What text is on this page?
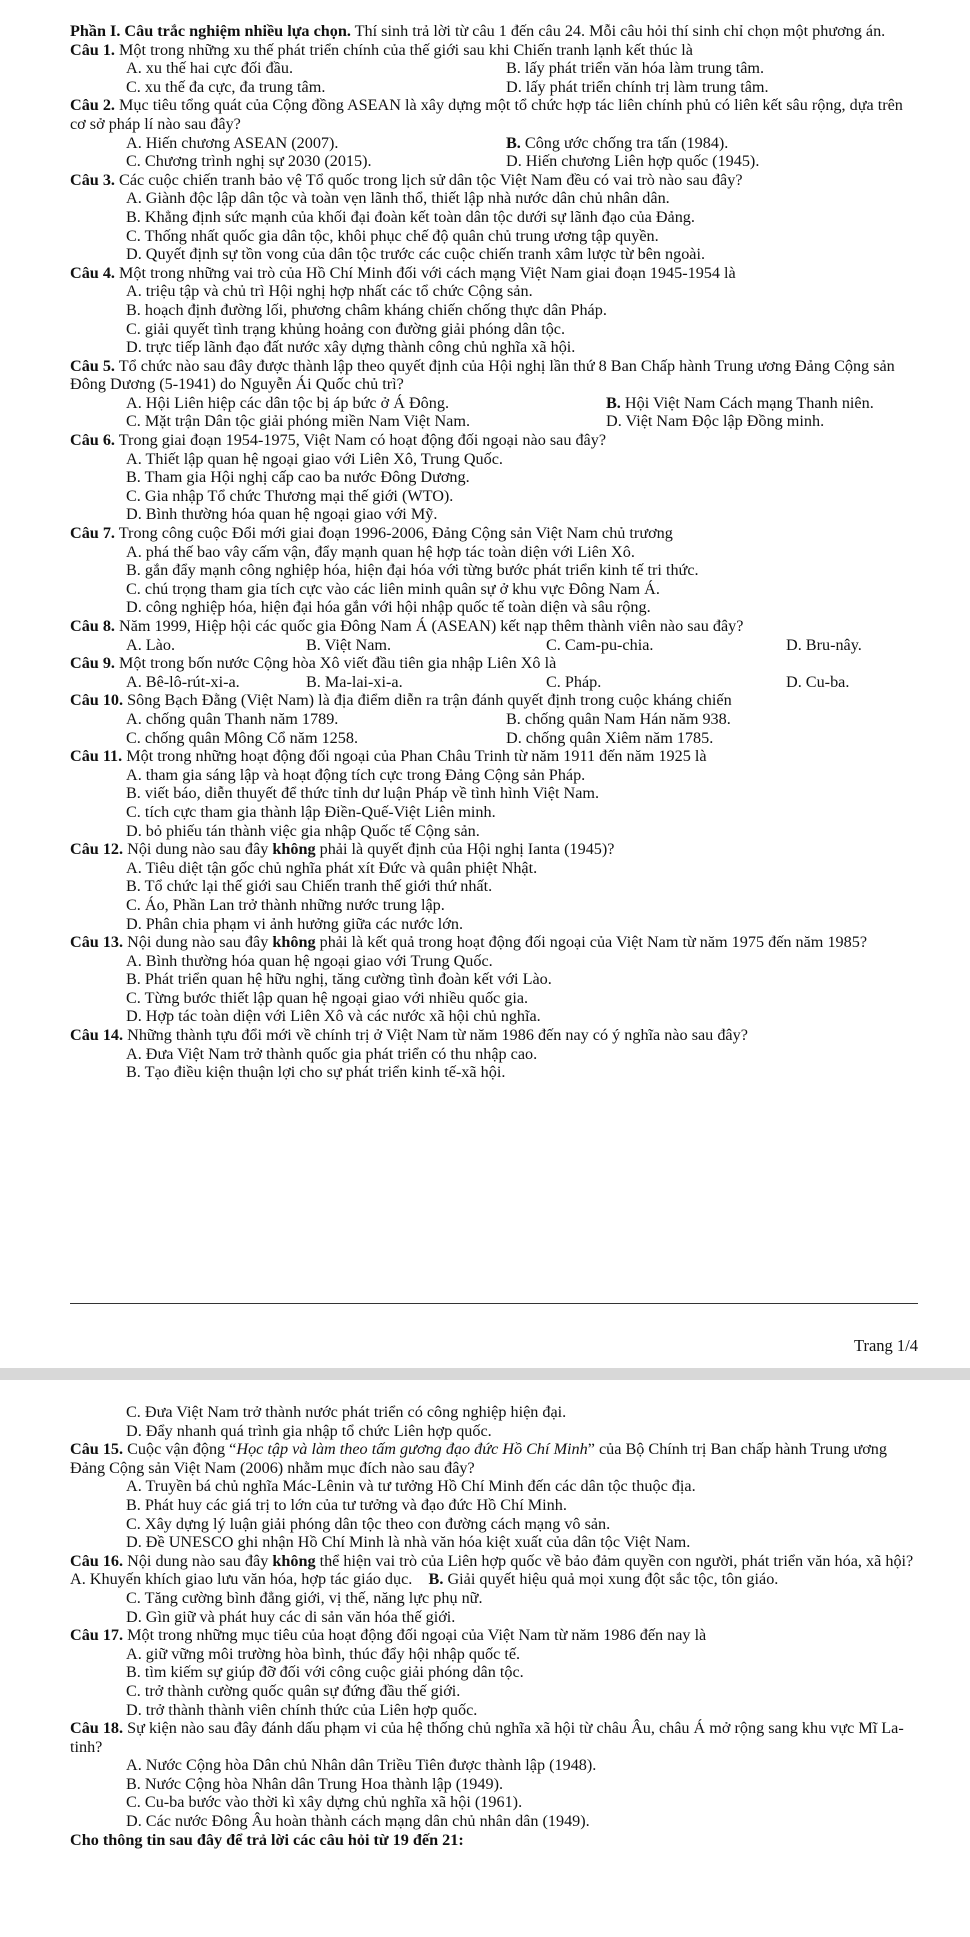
Phần I. Câu trắc nghiệm nhiều lựa chọn. Thí sinh trả lời từ câu 1 đến câu 24. Mỗi câu hỏi thí sinh chỉ chọn một phương án.

Câu 1. Một trong những xu thế phát triển chính của thế giới sau khi Chiến tranh lạnh kết thúc là

A. xu thế hai cực đối đầu.	B. lấy phát triển văn hóa làm trung tâm.
C. xu thế đa cực, đa trung tâm.	D. lấy phát triển chính trị làm trung tâm.

Câu 2. Mục tiêu tổng quát của Cộng đồng ASEAN là xây dựng một tổ chức hợp tác liên chính phủ có liên kết sâu rộng, dựa trên cơ sở pháp lí nào sau đây?

A. Hiến chương ASEAN (2007).	B. Công ước chống tra tấn (1984).
C. Chương trình nghị sự 2030 (2015).	D. Hiến chương Liên hợp quốc (1945).

Câu 3. Các cuộc chiến tranh bảo vệ Tổ quốc trong lịch sử dân tộc Việt Nam đều có vai trò nào sau đây?

A. Giành độc lập dân tộc và toàn vẹn lãnh thổ, thiết lập nhà nước dân chủ nhân dân.

B. Khẳng định sức mạnh của khối đại đoàn kết toàn dân tộc dưới sự lãnh đạo của Đảng.

C. Thống nhất quốc gia dân tộc, khôi phục chế độ quân chủ trung ương tập quyền.

D. Quyết định sự tồn vong của dân tộc trước các cuộc chiến tranh xâm lược từ bên ngoài.

Câu 4. Một trong những vai trò của Hồ Chí Minh đối với cách mạng Việt Nam giai đoạn 1945-1954 là

A. triệu tập và chủ trì Hội nghị hợp nhất các tổ chức Cộng sản.

B. hoạch định đường lối, phương châm kháng chiến chống thực dân Pháp.

C. giải quyết tình trạng khủng hoảng con đường giải phóng dân tộc.

D. trực tiếp lãnh đạo đất nước xây dựng thành công chủ nghĩa xã hội.

Câu 5. Tổ chức nào sau đây được thành lập theo quyết định của Hội nghị lần thứ 8 Ban Chấp hành Trung ương Đảng Cộng sản Đông Dương (5-1941) do Nguyễn Ái Quốc chủ trì?

A. Hội Liên hiệp các dân tộc bị áp bức ở Á Đông.	B. Hội Việt Nam Cách mạng Thanh niên.
C. Mặt trận Dân tộc giải phóng miền Nam Việt Nam.	D. Việt Nam Độc lập Đồng minh.

Câu 6. Trong giai đoạn 1954-1975, Việt Nam có hoạt động đối ngoại nào sau đây?

A. Thiết lập quan hệ ngoại giao với Liên Xô, Trung Quốc.

B. Tham gia Hội nghị cấp cao ba nước Đông Dương.

C. Gia nhập Tổ chức Thương mại thế giới (WTO).

D. Bình thường hóa quan hệ ngoại giao với Mỹ.

Câu 7. Trong công cuộc Đổi mới giai đoạn 1996-2006, Đảng Cộng sản Việt Nam chủ trương

A. phá thế bao vây cấm vận, đẩy mạnh quan hệ hợp tác toàn diện với Liên Xô.

B. gắn đẩy mạnh công nghiệp hóa, hiện đại hóa với từng bước phát triển kinh tế tri thức.

C. chú trọng tham gia tích cực vào các liên minh quân sự ở khu vực Đông Nam Á.

D. công nghiệp hóa, hiện đại hóa gắn với hội nhập quốc tế toàn diện và sâu rộng.

Câu 8. Năm 1999, Hiệp hội các quốc gia Đông Nam Á (ASEAN) kết nạp thêm thành viên nào sau đây?

A. Lào.	B. Việt Nam.	C. Cam-pu-chia.	D. Bru-nây.

Câu 9. Một trong bốn nước Cộng hòa Xô viết đầu tiên gia nhập Liên Xô là

A. Bê-lô-rút-xi-a.	B. Ma-lai-xi-a.	C. Pháp.	D. Cu-ba.

Câu 10. Sông Bạch Đằng (Việt Nam) là địa điểm diễn ra trận đánh quyết định trong cuộc kháng chiến

A. chống quân Thanh năm 1789.	B. chống quân Nam Hán năm 938.
C. chống quân Mông Cổ năm 1258.	D. chống quân Xiêm năm 1785.

Câu 11. Một trong những hoạt động đối ngoại của Phan Châu Trinh từ năm 1911 đến năm 1925 là

A. tham gia sáng lập và hoạt động tích cực trong Đảng Cộng sản Pháp.

B. viết báo, diễn thuyết để thức tỉnh dư luận Pháp về tình hình Việt Nam.

C. tích cực tham gia thành lập Điền-Quế-Việt Liên minh.

D. bỏ phiếu tán thành việc gia nhập Quốc tế Cộng sản.

Câu 12. Nội dung nào sau đây không phải là quyết định của Hội nghị Ianta (1945)?

A. Tiêu diệt tận gốc chủ nghĩa phát xít Đức và quân phiệt Nhật.

B. Tổ chức lại thế giới sau Chiến tranh thế giới thứ nhất.

C. Áo, Phần Lan trở thành những nước trung lập.

D. Phân chia phạm vi ảnh hưởng giữa các nước lớn.

Câu 13. Nội dung nào sau đây không phải là kết quả trong hoạt động đối ngoại của Việt Nam từ năm 1975 đến năm 1985?

A. Bình thường hóa quan hệ ngoại giao với Trung Quốc.

B. Phát triển quan hệ hữu nghị, tăng cường tình đoàn kết với Lào.

C. Từng bước thiết lập quan hệ ngoại giao với nhiều quốc gia.

D. Hợp tác toàn diện với Liên Xô và các nước xã hội chủ nghĩa.

Câu 14. Những thành tựu đổi mới về chính trị ở Việt Nam từ năm 1986 đến nay có ý nghĩa nào sau đây?

A. Đưa Việt Nam trở thành quốc gia phát triển có thu nhập cao.

B. Tạo điều kiện thuận lợi cho sự phát triển kinh tế-xã hội.

Trang 1/4

C. Đưa Việt Nam trở thành nước phát triển có công nghiệp hiện đại.

D. Đẩy nhanh quá trình gia nhập tổ chức Liên hợp quốc.

Câu 15. Cuộc vận động “Học tập và làm theo tấm gương đạo đức Hồ Chí Minh” của Bộ Chính trị Ban chấp hành Trung ương Đảng Cộng sản Việt Nam (2006) nhằm mục đích nào sau đây?

A. Truyền bá chủ nghĩa Mác-Lênin và tư tưởng Hồ Chí Minh đến các dân tộc thuộc địa.

B. Phát huy các giá trị to lớn của tư tưởng và đạo đức Hồ Chí Minh.

C. Xây dựng lý luận giải phóng dân tộc theo con đường cách mạng vô sản.

D. Đề UNESCO ghi nhận Hồ Chí Minh là nhà văn hóa kiệt xuất của dân tộc Việt Nam.

Câu 16. Nội dung nào sau đây không thể hiện vai trò của Liên hợp quốc về bảo đảm quyền con người, phát triển văn hóa, xã hội?

A. Khuyến khích giao lưu văn hóa, hợp tác giáo dục. B. Giải quyết hiệu quả mọi xung đột sắc tộc, tôn giáo.

C. Tăng cường bình đẳng giới, vị thế, năng lực phụ nữ.

D. Gìn giữ và phát huy các di sản văn hóa thế giới.

Câu 17. Một trong những mục tiêu của hoạt động đối ngoại của Việt Nam từ năm 1986 đến nay là

A. giữ vững môi trường hòa bình, thúc đẩy hội nhập quốc tế.

B. tìm kiếm sự giúp đỡ đối với công cuộc giải phóng dân tộc.

C. trở thành cường quốc quân sự đứng đầu thế giới.

D. trở thành thành viên chính thức của Liên hợp quốc.

Câu 18. Sự kiện nào sau đây đánh dấu phạm vi của hệ thống chủ nghĩa xã hội từ châu Âu, châu Á mở rộng sang khu vực Mĩ La-tinh?

A. Nước Cộng hòa Dân chủ Nhân dân Triều Tiên được thành lập (1948).

B. Nước Cộng hòa Nhân dân Trung Hoa thành lập (1949).

C. Cu-ba bước vào thời kì xây dựng chủ nghĩa xã hội (1961).

D. Các nước Đông Âu hoàn thành cách mạng dân chủ nhân dân (1949).

Cho thông tin sau đây để trả lời các câu hỏi từ 19 đến 21:
